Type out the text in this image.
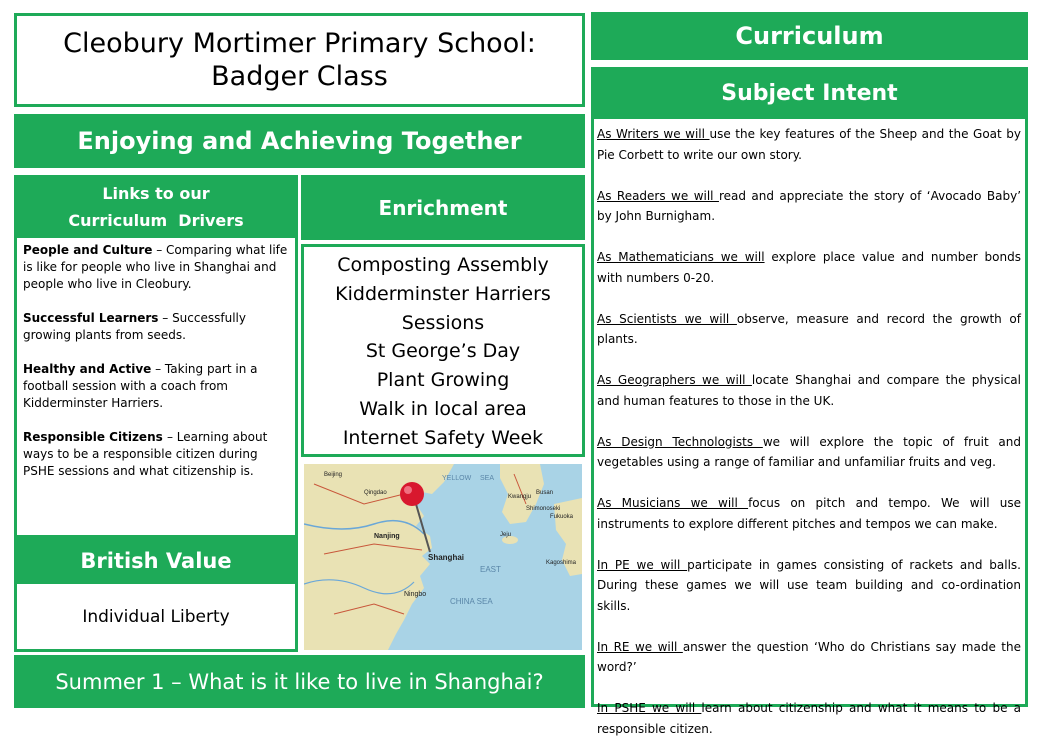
Cleobury Mortimer Primary School:
Badger Class
Enjoying and Achieving Together
Links to our
Curriculum  Drivers

People and Culture – Comparing what life is like for people who live in Shanghai and people who live in Cleobury.

Successful Learners – Successfully growing plants from seeds.

Healthy and Active – Taking part in a football session with a coach from Kidderminster Harriers.

Responsible Citizens – Learning about ways to be a responsible citizen during PSHE sessions and what citizenship is.

British Value
Individual Liberty
Enrichment
Composting Assembly
Kidderminster Harriers
Sessions
St George’s Day
Plant Growing
Walk in local area
Internet Safety Week
YELLOW SEA
Nanjing
Shanghai
Ningbo
EAST
CHINA SEA
Jeju
Kwangju
Busan
Fukuoka
Shimonoseki
Kagoshima
Beijing
Qingdao
Summer 1 – What is it like to live in Shanghai?
Curriculum
Subject Intent

As Writers we will use the key features of the Sheep and the Goat by Pie Corbett to write our own story.

As Readers we will read and appreciate the story of ‘Avocado Baby’ by John Burnigham.

As Mathematicians we will explore place value and number bonds with numbers 0-20.

As Scientists we will observe, measure and record the growth of plants.

As Geographers we will locate Shanghai and compare the physical and human features to those in the UK.

As Design Technologists we will explore the topic of fruit and vegetables using a range of familiar and unfamiliar fruits and veg.

As Musicians we will focus on pitch and tempo. We will use instruments to explore different pitches and tempos we can make.

In PE we will participate in games consisting of rackets and balls. During these games we will use team building and co-ordination skills.

In RE we will answer the question ‘Who do Christians say made the word?’

In PSHE we will learn about citizenship and what it means to be a responsible citizen.
